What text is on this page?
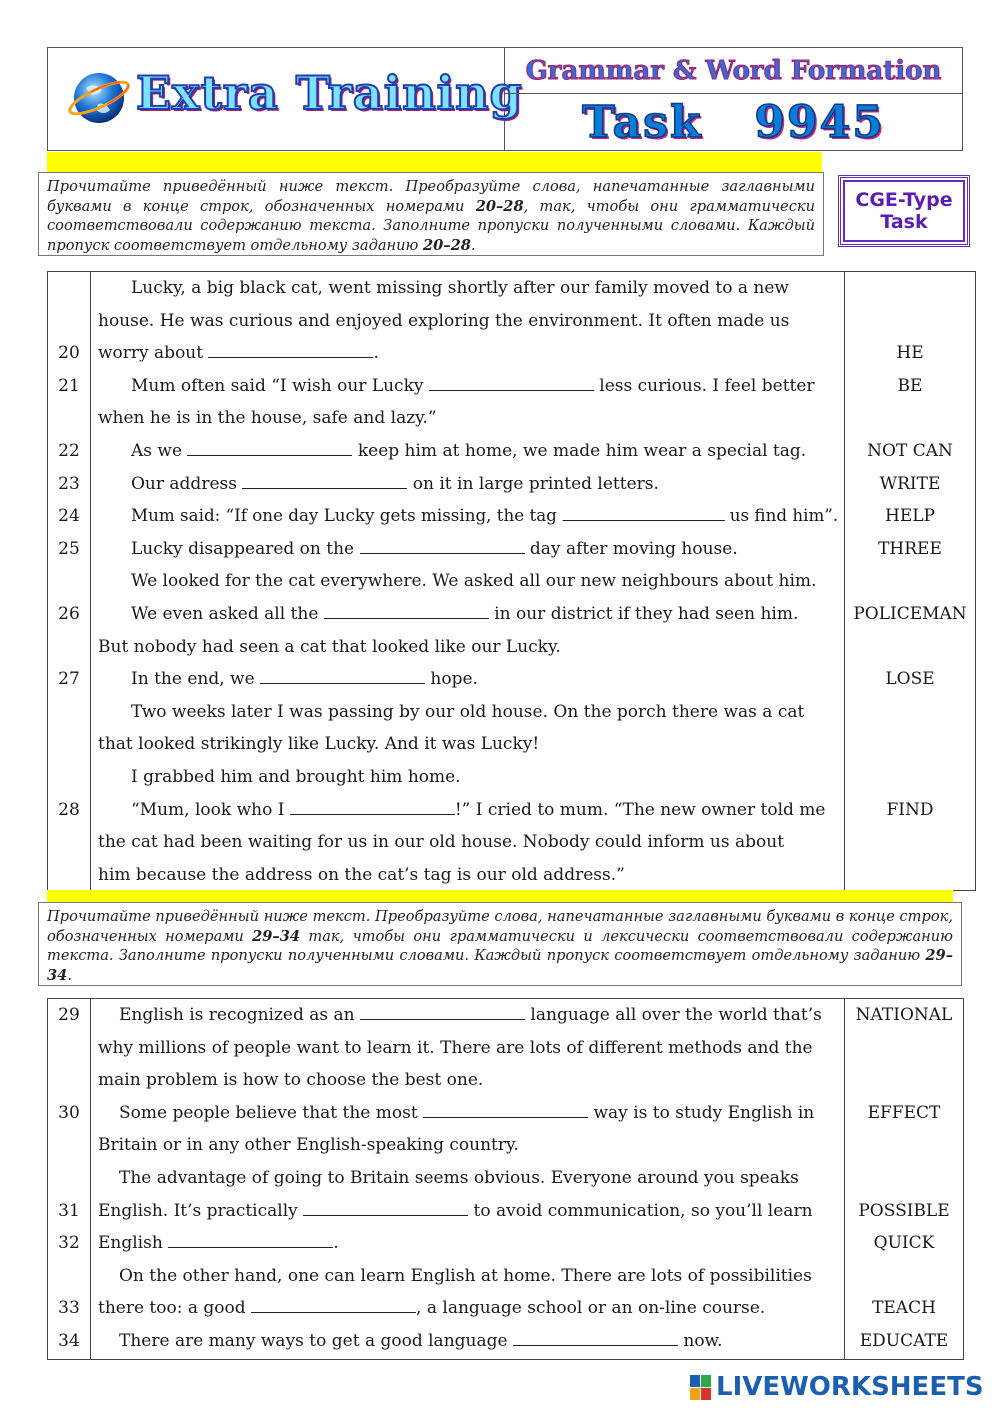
Extra Training Grammar & Word Formation
Task   9945
Прочитайте приведённый ниже текст. Преобразуйте слова, напечатанные заглавными буквами в конце строк, обозначенных номерами 20–28, так, чтобы они грамматически соответствовали содержанию текста. Заполните пропуски полученными словами. Каждый пропуск соответствует отдельному заданию 20–28.
CGE-Type
Task
Lucky, a big black cat, went missing shortly after our family moved to a new
house. He was curious and enjoyed exploring the environment. It often made us
20	worry about	.	HE
21	Mum often said “I wish our Lucky	less curious. I feel better	BE
when he is in the house, safe and lazy.”
22	As we	keep him at home, we made him wear a special tag.	NOT CAN
23	Our address	on it in large printed letters.	WRITE
24	Mum said: “If one day Lucky gets missing, the tag	us find him”.	HELP
25	Lucky disappeared on the	day after moving house.	THREE
We looked for the cat everywhere. We asked all our new neighbours about him.
26	We even asked all the	in our district if they had seen him.	POLICEMAN
But nobody had seen a cat that looked like our Lucky.
27	In the end, we	hope.	LOSE
Two weeks later I was passing by our old house. On the porch there was a cat
that looked strikingly like Lucky. And it was Lucky!
I grabbed him and brought him home.
28	“Mum, look who I	!” I cried to mum. “The new owner told me	FIND
the cat had been waiting for us in our old house. Nobody could inform us about
him because the address on the cat’s tag is our old address.”
Прочитайте приведённый ниже текст. Преобразуйте слова, напечатанные заглавными буквами в конце строк, обозначенных номерами 29–34 так, чтобы они грамматически и лексически соответствовали содержанию текста. Заполните пропуски полученными словами. Каждый пропуск соответствует отдельному заданию 29–34.
29	English is recognized as an	language all over the world that’s	NATIONAL
why millions of people want to learn it. There are lots of different methods and the
main problem is how to choose the best one.
30	Some people believe that the most	way is to study English in	EFFECT
Britain or in any other English-speaking country.
The advantage of going to Britain seems obvious. Everyone around you speaks
31	English. It’s practically	to avoid communication, so you’ll learn	POSSIBLE
32	English	.	QUICK
On the other hand, one can learn English at home. There are lots of possibilities
33	there too: a good	, a language school or an on-line course.	TEACH
34	There are many ways to get a good language	now.	EDUCATE
LIVEWORKSHEETS
